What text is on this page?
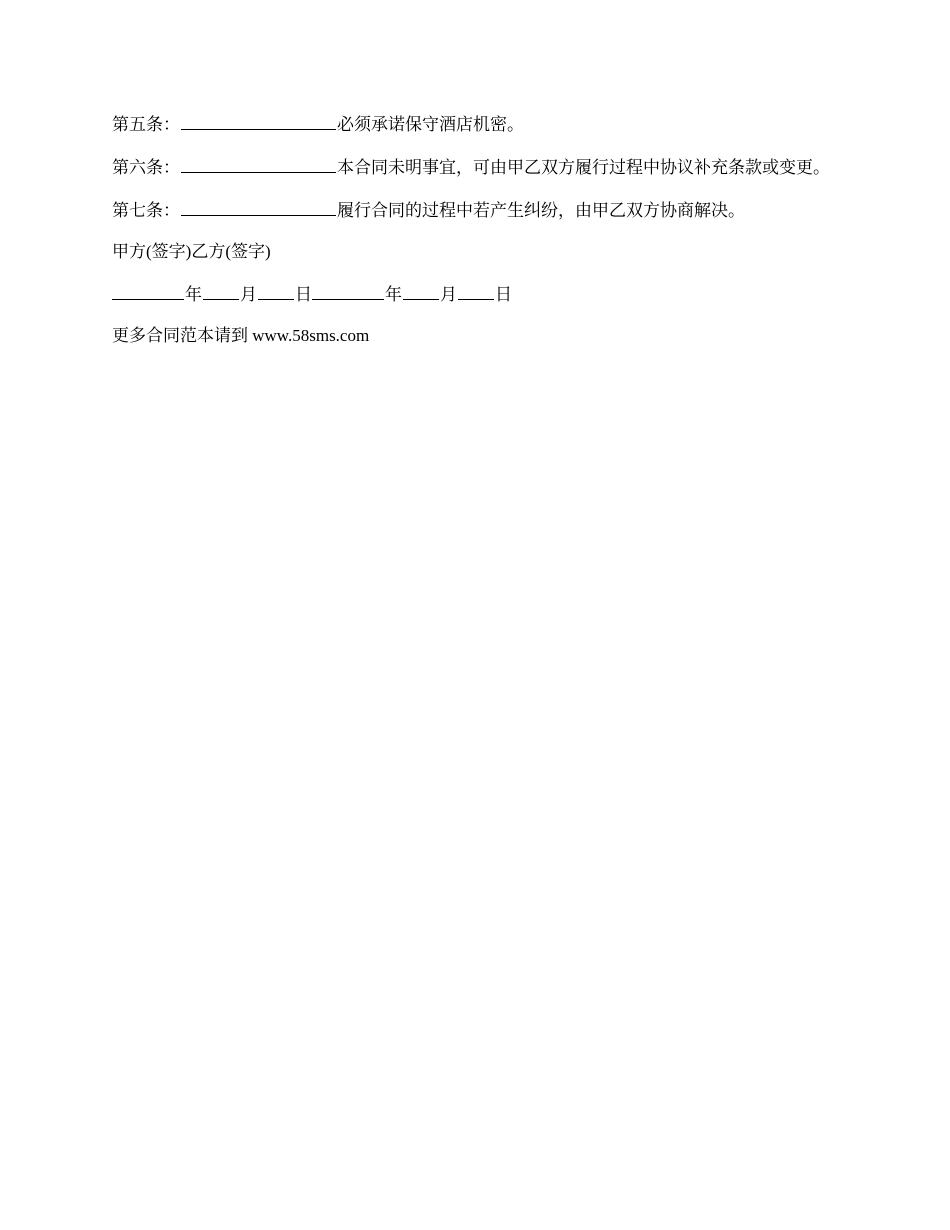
第五条：	必须承诺保守酒店机密。

第六条：	本合同未明事宜，可由甲乙双方履行过程中协议补充条款或变更。

第七条：	履行合同的过程中若产生纠纷，由甲乙双方协商解决。

甲方(签字)乙方(签字)

年 月 日	年 月 日

更多合同范本请到 www.58sms.com
